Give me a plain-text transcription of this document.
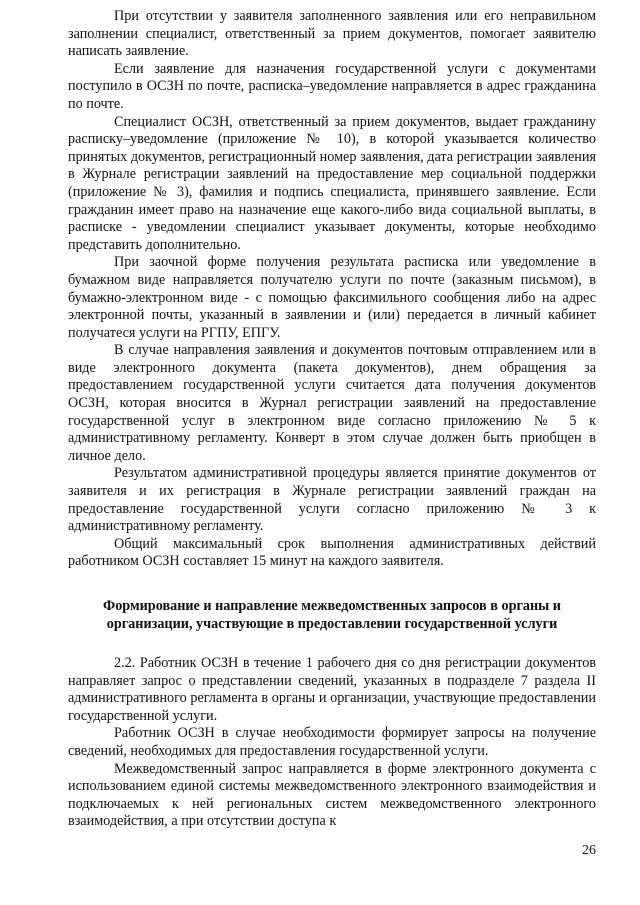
При отсутствии у заявителя заполненного заявления или его неправильном заполнении специалист, ответственный за прием документов, помогает заявителю написать заявление.

Если заявление для назначения государственной услуги с документами поступило в ОСЗН по почте, расписка–уведомление направляется в адрес гражданина по почте.

Специалист ОСЗН, ответственный за прием документов, выдает гражданину расписку–уведомление (приложение № 10), в которой указывается количество принятых документов, регистрационный номер заявления, дата регистрации заявления в Журнале регистрации заявлений на предоставление мер социальной поддержки (приложение № 3), фамилия и подпись специалиста, принявшего заявление. Если гражданин имеет право на назначение еще какого-либо вида социальной выплаты, в расписке - уведомлении специалист указывает документы, которые необходимо представить дополнительно.

При заочной форме получения результата расписка или уведомление в бумажном виде направляется получателю услуги по почте (заказным письмом), в бумажно-электронном виде - с помощью факсимильного сообщения либо на адрес электронной почты, указанный в заявлении и (или) передается в личный кабинет получатеся услуги на РГПУ, ЕПГУ.

В случае направления заявления и документов почтовым отправлением или в виде электронного документа (пакета документов), днем обращения за предоставлением государственной услуги считается дата получения документов ОСЗН, которая вносится в Журнал регистрации заявлений на предоставление государственной услуг в электронном виде согласно приложению № 5 к административному регламенту. Конверт в этом случае должен быть приобщен в личное дело.

Результатом административной процедуры является принятие документов от заявителя и их регистрация в Журнале регистрации заявлений граждан на предоставление государственной услуги согласно приложению № 3 к административному регламенту.

Общий максимальный срок выполнения административных действий работником ОСЗН составляет 15 минут на каждого заявителя.

Формирование и направление межведомственных запросов в органы и организации, участвующие в предоставлении государственной услуги

2.2. Работник ОСЗН в течение 1 рабочего дня со дня регистрации документов направляет запрос о представлении сведений, указанных в подразделе 7 раздела II административного регламента в органы и организации, участвующие предоставлении государственной услуги.

Работник ОСЗН в случае необходимости формирует запросы на получение сведений, необходимых для предоставления государственной услуги.

Межведомственный запрос направляется в форме электронного документа с использованием единой системы межведомственного электронного взаимодействия и подключаемых к ней региональных систем межведомственного электронного взаимодействия, а при отсутствии доступа к

26
